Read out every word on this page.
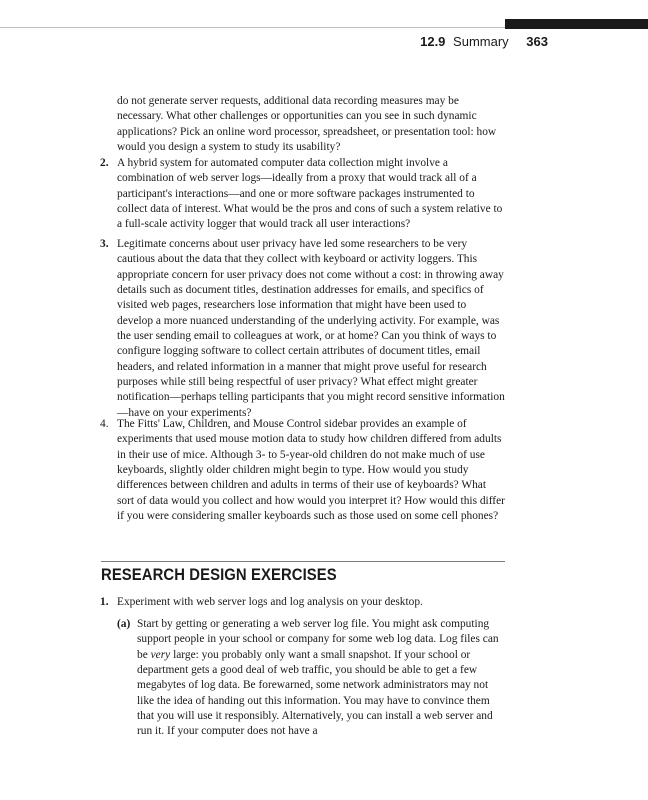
12.9 Summary 363

do not generate server requests, additional data recording measures may be necessary. What other challenges or opportunities can you see in such dynamic applications? Pick an online word processor, spreadsheet, or presentation tool: how would you design a system to study its usability?

2. A hybrid system for automated computer data collection might involve a combination of web server logs—ideally from a proxy that would track all of a participant's interactions—and one or more software packages instrumented to collect data of interest. What would be the pros and cons of such a system relative to a full-scale activity logger that would track all user interactions?

3. Legitimate concerns about user privacy have led some researchers to be very cautious about the data that they collect with keyboard or activity loggers. This appropriate concern for user privacy does not come without a cost: in throwing away details such as document titles, destination addresses for emails, and specifics of visited web pages, researchers lose information that might have been used to develop a more nuanced understanding of the underlying activity. For example, was the user sending email to colleagues at work, or at home? Can you think of ways to configure logging software to collect certain attributes of document titles, email headers, and related information in a manner that might prove useful for research purposes while still being respectful of user privacy? What effect might greater notification—perhaps telling participants that you might record sensitive information—have on your experiments?

4. The Fitts' Law, Children, and Mouse Control sidebar provides an example of experiments that used mouse motion data to study how children differed from adults in their use of mice. Although 3- to 5-year-old children do not make much of use keyboards, slightly older children might begin to type. How would you study differences between children and adults in terms of their use of keyboards? What sort of data would you collect and how would you interpret it? How would this differ if you were considering smaller keyboards such as those used on some cell phones?

RESEARCH DESIGN EXERCISES
1. Experiment with web server logs and log analysis on your desktop.

(a) Start by getting or generating a web server log file. You might ask computing support people in your school or company for some web log data. Log files can be very large: you probably only want a small snapshot. If your school or department gets a good deal of web traffic, you should be able to get a few megabytes of log data. Be forewarned, some network administrators may not like the idea of handing out this information. You may have to convince them that you will use it responsibly. Alternatively, you can install a web server and run it. If your computer does not have a
